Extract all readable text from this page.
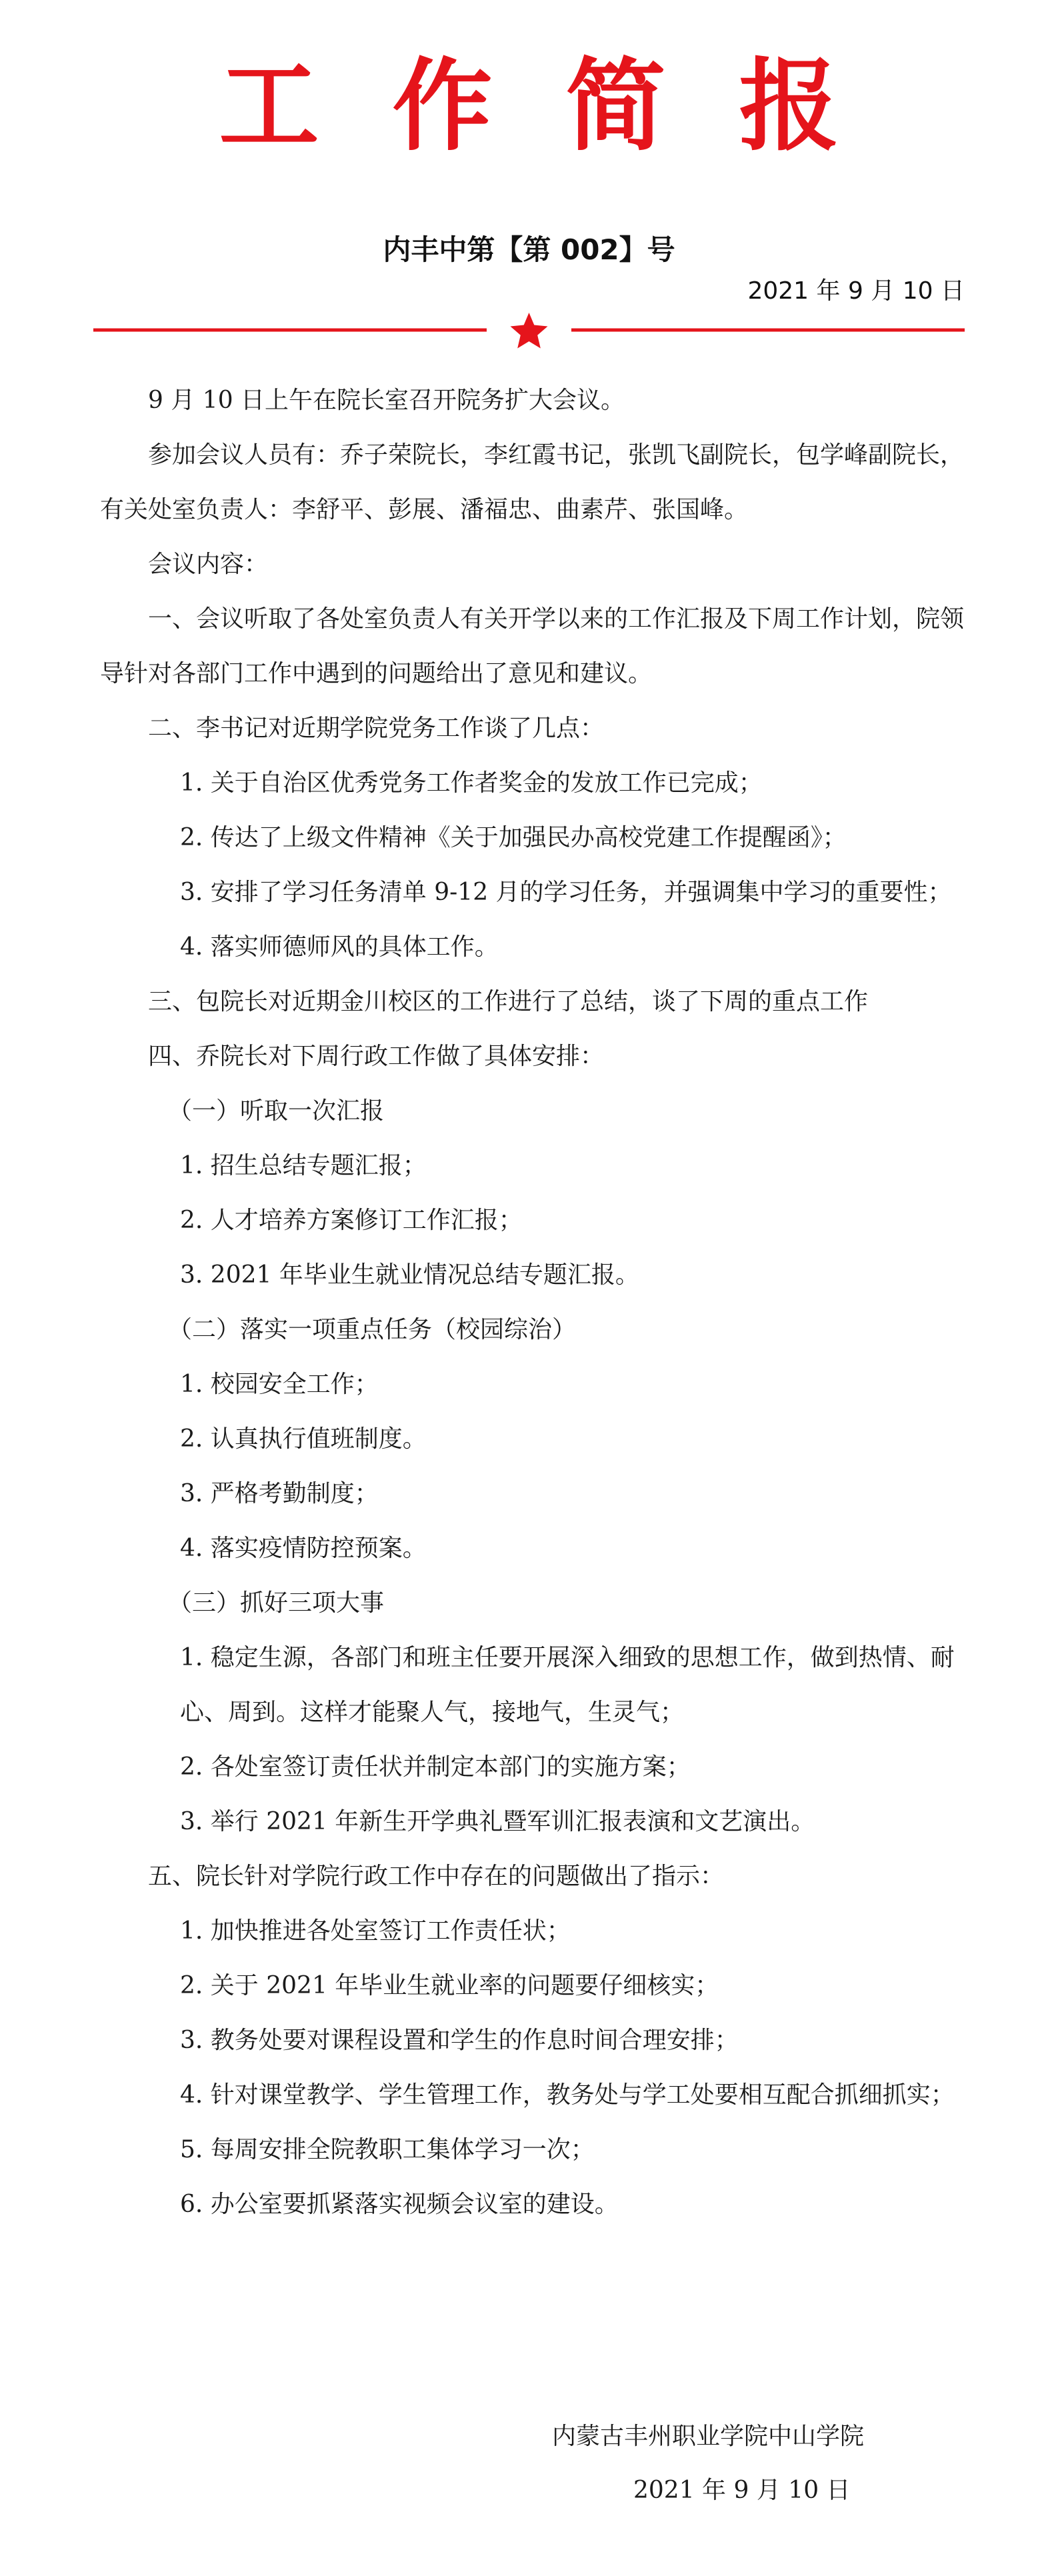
工 作 简 报
内丰中第【第 002】号
2021 年 9 月 10 日

9 月 10 日上午在院长室召开院务扩大会议。

参加会议人员有：乔子荣院长，李红霞书记，张凯飞副院长，包学峰副院长，有关处室负责人：李舒平、彭展、潘福忠、曲素芹、张国峰。

会议内容：

一、会议听取了各处室负责人有关开学以来的工作汇报及下周工作计划，院领导针对各部门工作中遇到的问题给出了意见和建议。

二、李书记对近期学院党务工作谈了几点：

1. 关于自治区优秀党务工作者奖金的发放工作已完成；

2. 传达了上级文件精神《关于加强民办高校党建工作提醒函》；

3. 安排了学习任务清单 9-12 月的学习任务，并强调集中学习的重要性；

4. 落实师德师风的具体工作。

三、包院长对近期金川校区的工作进行了总结，谈了下周的重点工作

四、乔院长对下周行政工作做了具体安排：

（一）听取一次汇报

1. 招生总结专题汇报；

2. 人才培养方案修订工作汇报；

3. 2021 年毕业生就业情况总结专题汇报。

（二）落实一项重点任务（校园综治）

1. 校园安全工作；

2. 认真执行值班制度。

3. 严格考勤制度；

4. 落实疫情防控预案。

（三）抓好三项大事

1. 稳定生源，各部门和班主任要开展深入细致的思想工作，做到热情、耐心、周到。这样才能聚人气，接地气，生灵气；

2. 各处室签订责任状并制定本部门的实施方案；

3. 举行 2021 年新生开学典礼暨军训汇报表演和文艺演出。

五、院长针对学院行政工作中存在的问题做出了指示：

1. 加快推进各处室签订工作责任状；

2. 关于 2021 年毕业生就业率的问题要仔细核实；

3. 教务处要对课程设置和学生的作息时间合理安排；

4. 针对课堂教学、学生管理工作，教务处与学工处要相互配合抓细抓实；

5. 每周安排全院教职工集体学习一次；

6. 办公室要抓紧落实视频会议室的建设。

内蒙古丰州职业学院中山学院
2021 年 9 月 10 日
